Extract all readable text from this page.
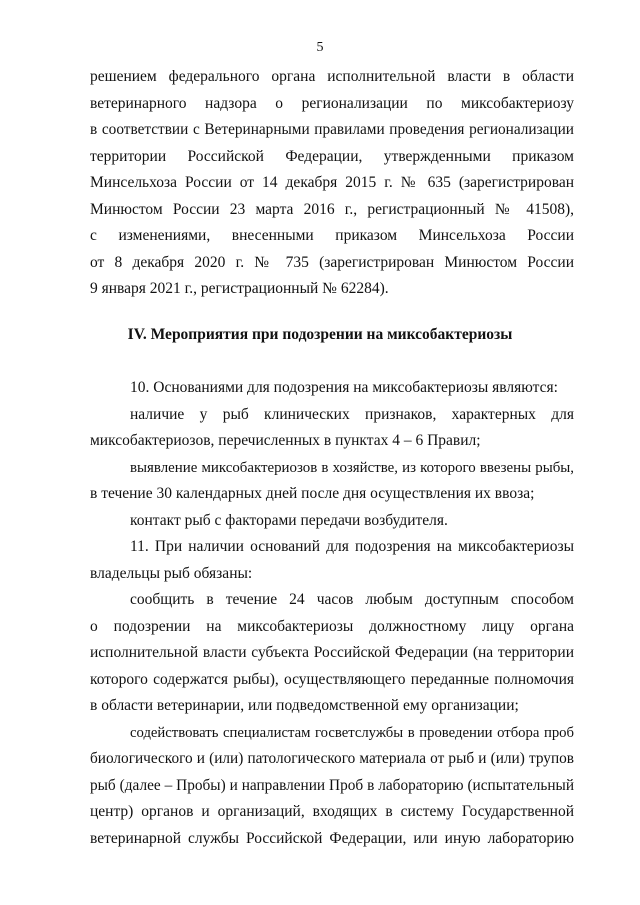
5
решением федерального органа исполнительной власти в области
ветеринарного надзора о регионализации по миксобактериозу
в соответствии с Ветеринарными правилами проведения регионализации
территории Российской Федерации, утвержденными приказом
Минсельхоза России от 14 декабря 2015 г. № 635 (зарегистрирован
Минюстом России 23 марта 2016 г., регистрационный № 41508),
с изменениями, внесенными приказом Минсельхоза России
от 8 декабря 2020 г. № 735 (зарегистрирован Минюстом России
9 января 2021 г., регистрационный № 62284).
IV. Мероприятия при подозрении на миксобактериозы
10. Основаниями для подозрения на миксобактериозы являются:
наличие у рыб клинических признаков, характерных для
миксобактериозов, перечисленных в пунктах 4 – 6 Правил;
выявление миксобактериозов в хозяйстве, из которого ввезены рыбы,
в течение 30 календарных дней после дня осуществления их ввоза;
контакт рыб с факторами передачи возбудителя.
11. При наличии оснований для подозрения на миксобактериозы
владельцы рыб обязаны:
сообщить в течение 24 часов любым доступным способом
о подозрении на миксобактериозы должностному лицу органа
исполнительной власти субъекта Российской Федерации (на территории
которого содержатся рыбы), осуществляющего переданные полномочия
в области ветеринарии, или подведомственной ему организации;
содействовать специалистам госветслужбы в проведении отбора проб
биологического и (или) патологического материала от рыб и (или) трупов
рыб (далее – Пробы) и направлении Проб в лабораторию (испытательный
центр) органов и организаций, входящих в систему Государственной
ветеринарной службы Российской Федерации, или иную лабораторию
